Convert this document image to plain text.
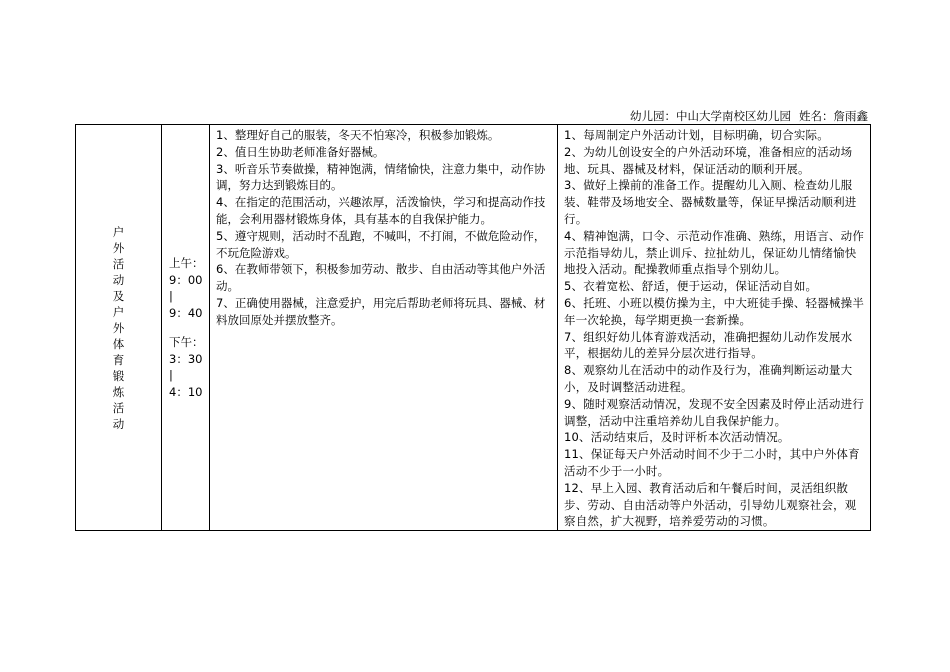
幼儿园：中山大学南校区幼儿园 姓名：詹雨鑫
户
外
活
动
及
户
外
体
育
锻
炼
活
动

上午：
9：00
|
9：40
下午：
3：30
|
4：10

1、整理好自己的服装，冬天不怕寒冷，积极参加锻炼。
2、值日生协助老师准备好器械。
3、听音乐节奏做操，精神饱满，情绪愉快，注意力集中，动作协调，努力达到锻炼目的。
4、在指定的范围活动，兴趣浓厚，活泼愉快，学习和提高动作技能，会利用器材锻炼身体，具有基本的自我保护能力。
5、遵守规则，活动时不乱跑，不喊叫，不打闹，不做危险动作，不玩危险游戏。
6、在教师带领下，积极参加劳动、散步、自由活动等其他户外活动。
7、正确使用器械，注意爱护，用完后帮助老师将玩具、器械、材料放回原处并摆放整齐。

1、每周制定户外活动计划，目标明确，切合实际。
2、为幼儿创设安全的户外活动环境，准备相应的活动场地、玩具、器械及材料，保证活动的顺利开展。
3、做好上操前的准备工作。提醒幼儿入厕、检查幼儿服装、鞋带及场地安全、器械数量等，保证早操活动顺利进行。
4、精神饱满，口令、示范动作准确、熟练，用语言、动作示范指导幼儿，禁止训斥、拉扯幼儿，保证幼儿情绪愉快地投入活动。配操教师重点指导个别幼儿。
5、衣着宽松、舒适，便于运动，保证活动自如。
6、托班、小班以模仿操为主，中大班徒手操、轻器械操半年一次轮换，每学期更换一套新操。
7、组织好幼儿体育游戏活动，准确把握幼儿动作发展水平，根据幼儿的差异分层次进行指导。
8、观察幼儿在活动中的动作及行为，准确判断运动量大小，及时调整活动进程。
9、随时观察活动情况，发现不安全因素及时停止活动进行调整，活动中注重培养幼儿自我保护能力。
10、活动结束后，及时评析本次活动情况。
11、保证每天户外活动时间不少于二小时，其中户外体育活动不少于一小时。
12、早上入园、教育活动后和午餐后时间，灵活组织散步、劳动、自由活动等户外活动，引导幼儿观察社会，观察自然，扩大视野，培养爱劳动的习惯。
